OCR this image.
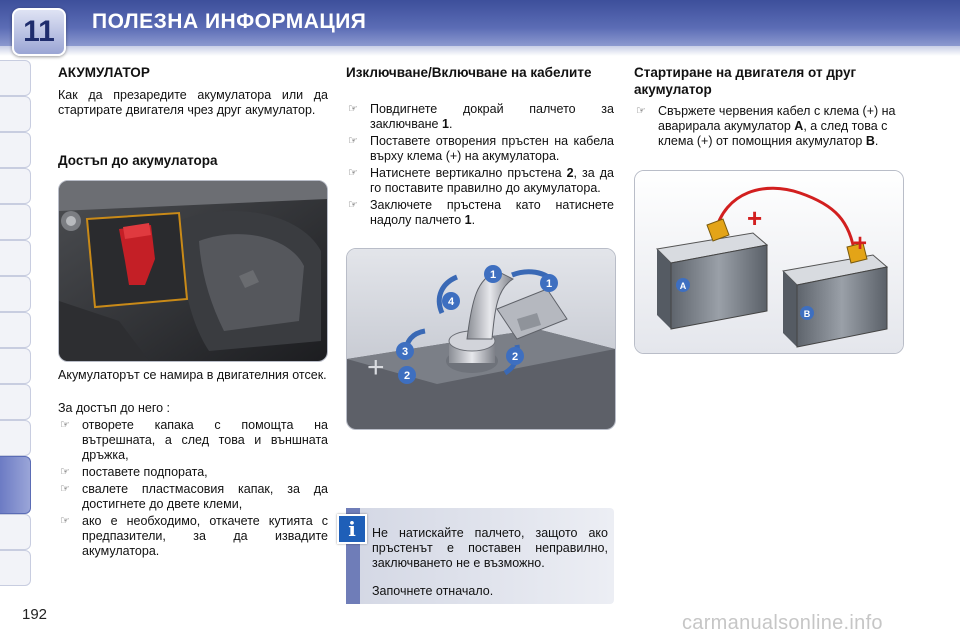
11	ПОЛЕЗНА ИНФОРМАЦИЯ
АКУМУЛАТОР

Как да презаредите акумулатора или да стартирате двигателя чрез друг акумулатор.

Достъп до акумулатора

Акумулаторът се намира в двигателния отсек.

За достъп до него :

☞ отворете капака с помощта на вътрешната, а след това и външната дръжка,
☞ поставете подпората,
☞ свалете пластмасовия капак, за да достигнете до двете клеми,
☞ ако е необходимо, откачете кутията с предпазители, за да извадите акумулатора.
Изключване/Включване на кабелите
☞ Повдигнете докрай палчето за заключване 1.
☞ Поставете отворения пръстен на кабела върху клема (+) на акумулатора.
☞ Натиснете вертикално пръстена 2, за да го поставите правилно до акумулатора.
☞ Заключете пръстена като натиснете надолу палчето 1.
+
1
1
2
2
3
4
i	Не натискайте палчето, защото ако пръстенът е поставен неправилно, заключването не е възможно.

Започнете отначало.

Стартиране на двигателя от друг акумулатор
☞ Свържете червения кабел с клема (+) на аварирала акумулатор A, а след това с клема (+) от помощния акумулатор B.
A
B
+
+
192	carmanualsonline.info
